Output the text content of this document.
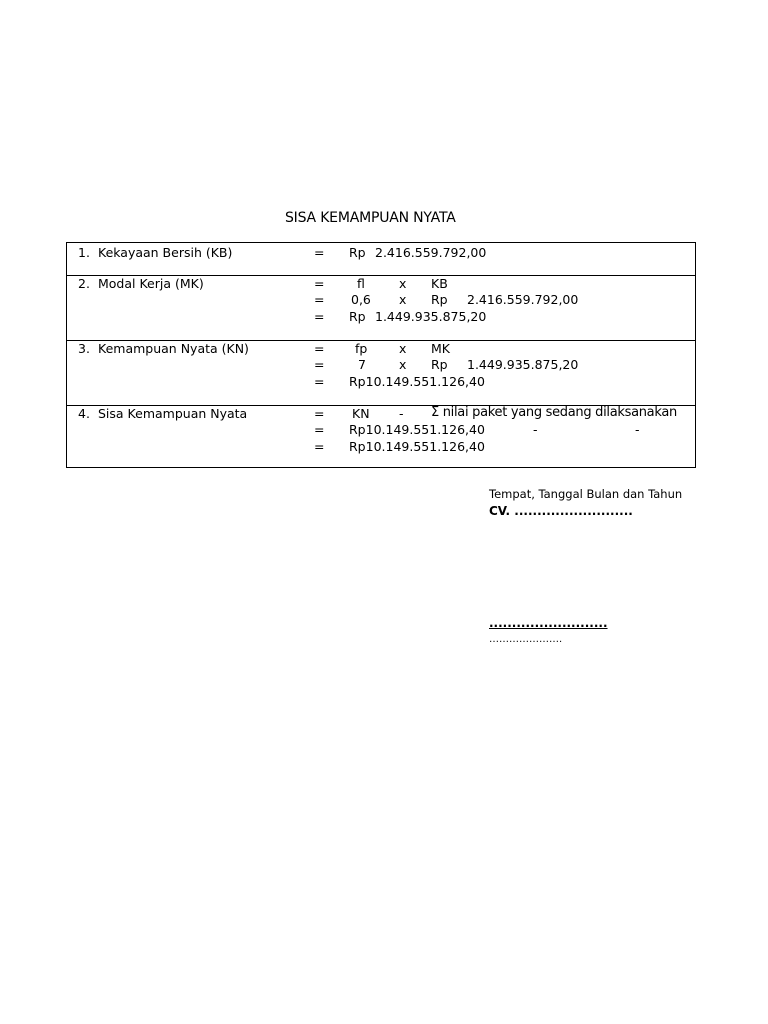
SISA KEMAMPUAN NYATA
1. Kekayaan Bersih (KB)	= Rp 2.416.559.792,00
2. Modal Kerja (MK)	=	fl	x KB
= 0,6 x Rp 2.416.559.792,00
= Rp 1.449.935.875,20
3. Kemampuan Nyata (KN)	= fp	x MK
=	7	x Rp 1.449.935.875,20
= Rp10.149.551.126,40
4. Sisa Kemampuan Nyata	= KN - Σ nilai paket yang sedang dilaksanakan
= Rp10.149.551.126,40	-	-
= Rp10.149.551.126,40
Tempat, Tanggal Bulan dan Tahun
CV. ..........................
..........................
………………….
